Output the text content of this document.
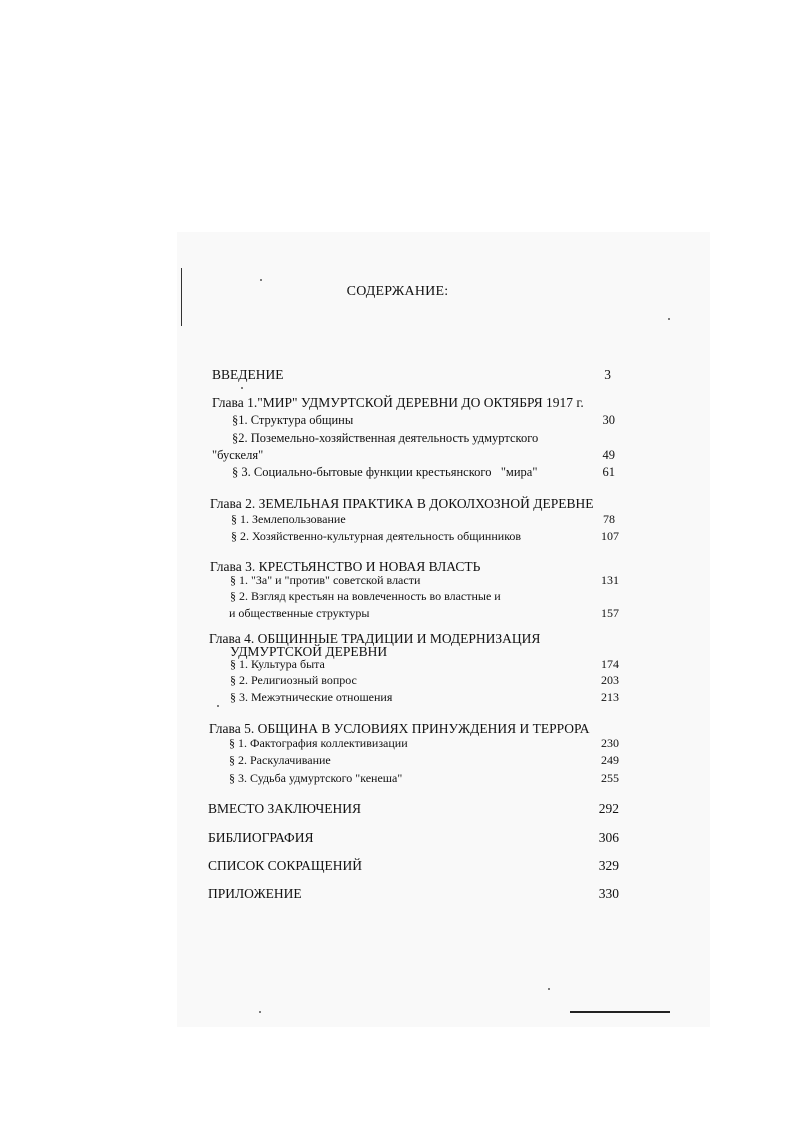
СОДЕРЖАНИЕ:
ВВЕДЕНИЕ	3
Глава 1."МИР" УДМУРТСКОЙ ДЕРЕВНИ ДО ОКТЯБРЯ 1917 г.
§1. Структура общины	30
§2. Поземельно-хозяйственная деятельность удмуртского
"бускеля"	49
§ 3. Социально-бытовые функции крестьянского   "мира"	61
Глава 2. ЗЕМЕЛЬНАЯ ПРАКТИКА В ДОКОЛХОЗНОЙ ДЕРЕВНЕ
§ 1. Землепользование	78
§ 2. Хозяйственно-культурная деятельность общинников	107
Глава 3. КРЕСТЬЯНСТВО И НОВАЯ ВЛАСТЬ
§ 1. "За" и "против" советской власти	131
§ 2. Взгляд крестьян на вовлеченность во властные и
и общественные структуры	157
Глава 4. ОБЩИННЫЕ ТРАДИЦИИ И МОДЕРНИЗАЦИЯ
УДМУРТСКОЙ ДЕРЕВНИ
§ 1. Культура быта	174
§ 2. Религиозный вопрос	203
§ 3. Межэтнические отношения	213
Глава 5. ОБЩИНА В УСЛОВИЯХ ПРИНУЖДЕНИЯ И ТЕРРОРА
§ 1. Фактография коллективизации	230
§ 2. Раскулачивание	249
§ 3. Судьба удмуртского "кенеша"	255
ВМЕСТО ЗАКЛЮЧЕНИЯ	292
БИБЛИОГРАФИЯ	306
СПИСОК СОКРАЩЕНИЙ	329
ПРИЛОЖЕНИЕ	330
